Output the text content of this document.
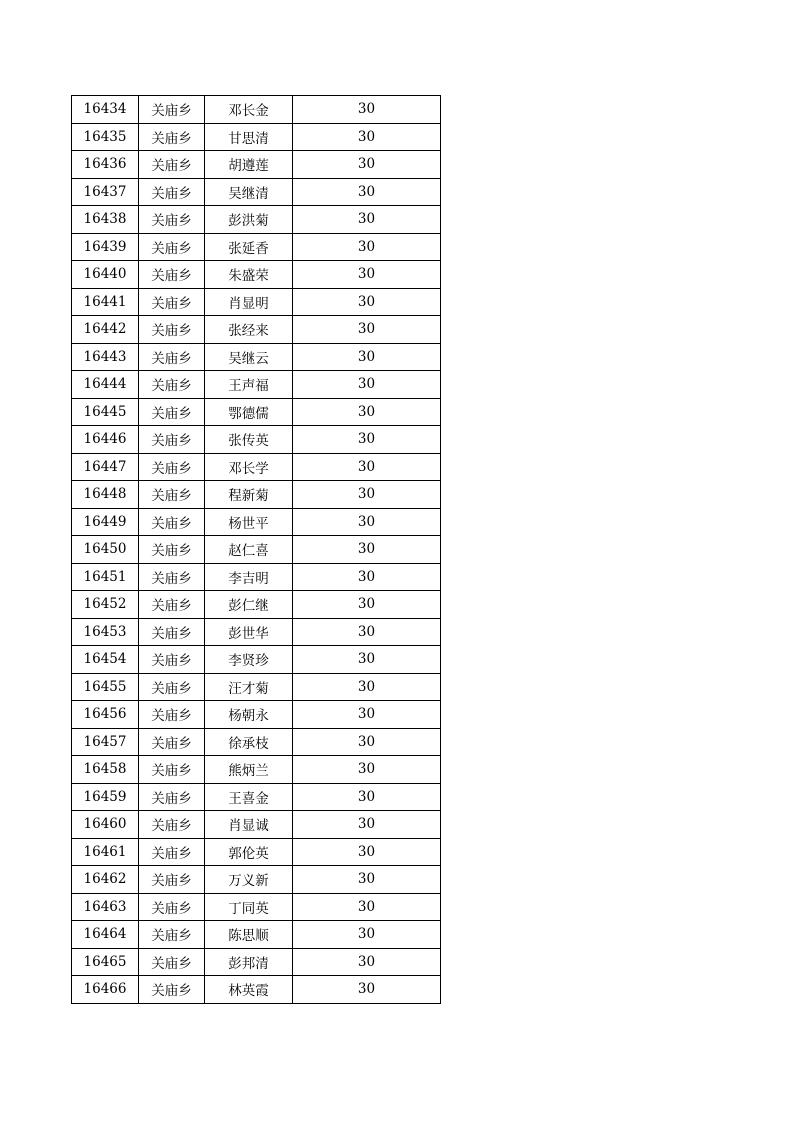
16434	关庙乡	邓长金	30
16435	关庙乡	甘思清	30
16436	关庙乡	胡遵莲	30
16437	关庙乡	吴继清	30
16438	关庙乡	彭洪菊	30
16439	关庙乡	张延香	30
16440	关庙乡	朱盛荣	30
16441	关庙乡	肖显明	30
16442	关庙乡	张经来	30
16443	关庙乡	吴继云	30
16444	关庙乡	王声福	30
16445	关庙乡	鄂德儒	30
16446	关庙乡	张传英	30
16447	关庙乡	邓长学	30
16448	关庙乡	程新菊	30
16449	关庙乡	杨世平	30
16450	关庙乡	赵仁喜	30
16451	关庙乡	李吉明	30
16452	关庙乡	彭仁继	30
16453	关庙乡	彭世华	30
16454	关庙乡	李贤珍	30
16455	关庙乡	汪才菊	30
16456	关庙乡	杨朝永	30
16457	关庙乡	徐承枝	30
16458	关庙乡	熊炳兰	30
16459	关庙乡	王喜金	30
16460	关庙乡	肖显诚	30
16461	关庙乡	郭伦英	30
16462	关庙乡	万义新	30
16463	关庙乡	丁同英	30
16464	关庙乡	陈思顺	30
16465	关庙乡	彭邦清	30
16466	关庙乡	林英霞	30
